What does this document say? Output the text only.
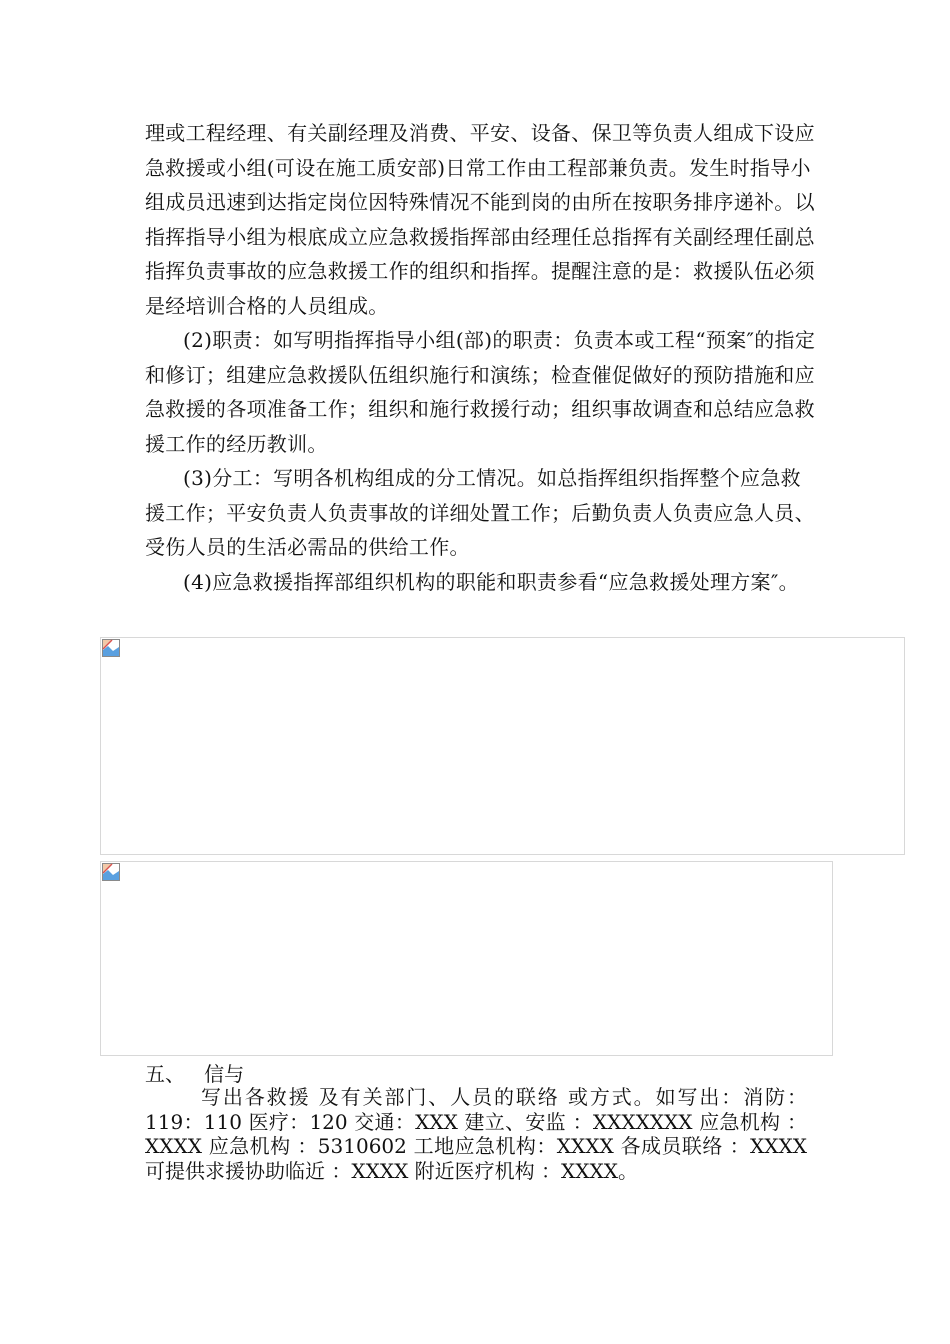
理或工程经理、有关副经理及消费、平安、设备、保卫等负责人组成下设应急救援或小组(可设在施工质安部)日常工作由工程部兼负责。发生时指导小组成员迅速到达指定岗位因特殊情况不能到岗的由所在按职务排序递补。以指挥指导小组为根底成立应急救援指挥部由经理任总指挥有关副经理任副总指挥负责事故的应急救援工作的组织和指挥。提醒注意的是：救援队伍必须是经培训合格的人员组成。

(2)职责：如写明指挥指导小组(部)的职责：负责本或工程“预案″的指定和修订；组建应急救援队伍组织施行和演练；检查催促做好的预防措施和应急救援的各项准备工作；组织和施行救援行动；组织事故调查和总结应急救援工作的经历教训。

(3)分工：写明各机构组成的分工情况。如总指挥组织指挥整个应急救援工作；平安负责人负责事故的详细处置工作；后勤负责人负责应急人员、受伤人员的生活必需品的供给工作。

(4)应急救援指挥部组织机构的职能和职责参看“应急救援处理方案″。

五、   信与
写出各救援 及有关部门、人员的联络 或方式。如写出：消防：119：110 医疗：120 交通：XXX 建立、安监 ：XXXXXXX 应急机构 ：XXXX 应急机构 ：5310602 工地应急机构：XXXX 各成员联络 ：XXXX 可提供求援协助临近 ：XXXX 附近医疗机构 ：XXXX。
